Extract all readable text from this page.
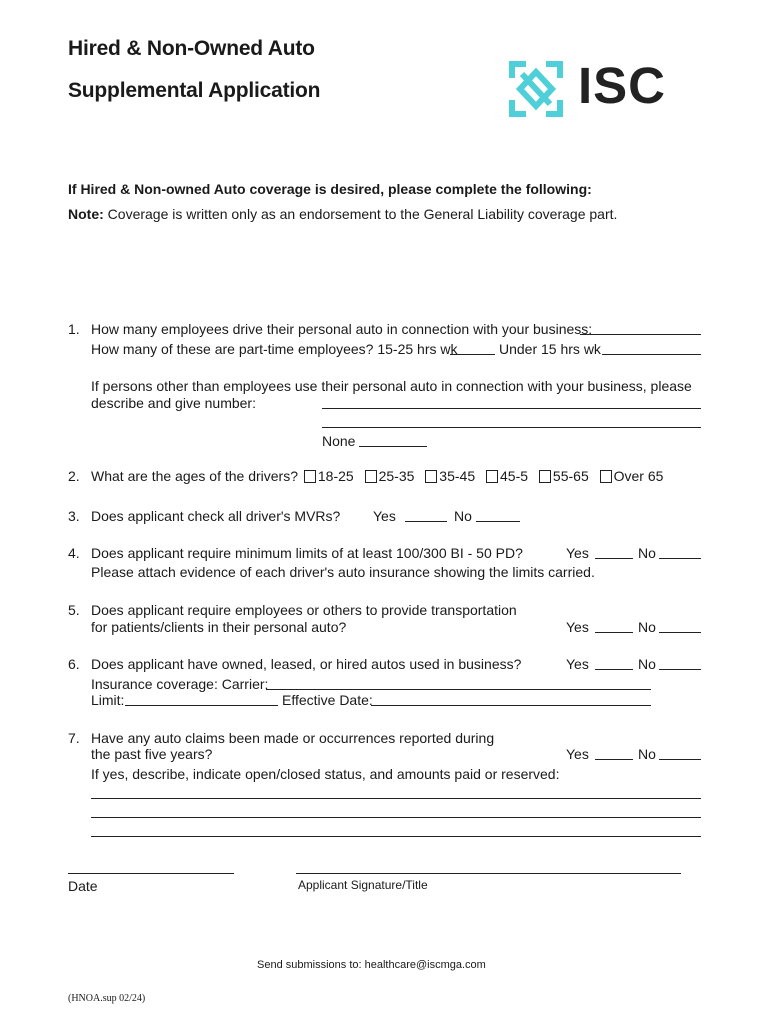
Hired & Non-Owned Auto
Supplemental Application	ISC
If Hired & Non-owned Auto coverage is desired, please complete the following:
Note: Coverage is written only as an endorsement to the General Liability coverage part.
1. How many employees drive their personal auto in connection with your business:
How many of these are part-time employees? 15-25 hrs wk	Under 15 hrs wk
If persons other than employees use their personal auto in connection with your business, please
describe and give number:
None
2. What are the ages of the drivers? 18-25 25-35 35-45 45-5 55-65 Over 65
3. Does applicant check all driver's MVRs? Yes	No
4. Does applicant require minimum limits of at least 100/300 BI - 50 PD?	Yes	No
Please attach evidence of each driver's auto insurance showing the limits carried.
5. Does applicant require employees or others to provide transportation
for patients/clients in their personal auto?	Yes	No
6. Does applicant have owned, leased, or hired autos used in business?	Yes	No
Insurance coverage: Carrier:
Limit:	Effective Date:
7. Have any auto claims been made or occurrences reported during
the past five years?	Yes	No
If yes, describe, indicate open/closed status, and amounts paid or reserved:
Date	Applicant Signature/Title
Send submissions to: healthcare@iscmga.com
(HNOA.sup 02/24)
